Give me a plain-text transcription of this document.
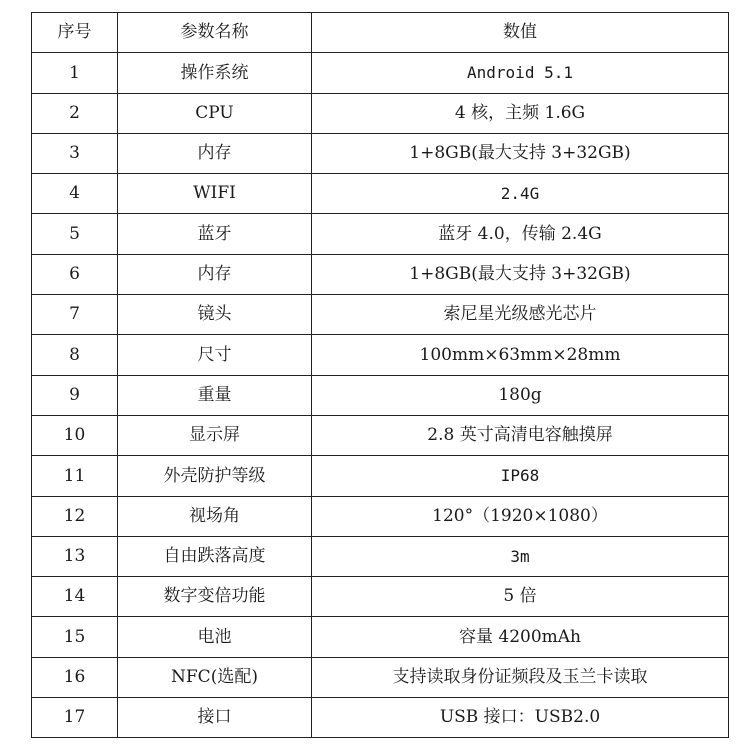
序号	参数名称	数值
1	操作系统	Android 5.1
2	CPU	4 核，主频 1.6G
3	内存	1+8GB(最大支持 3+32GB)
4	WIFI	2.4G
5	蓝牙	蓝牙 4.0，传输 2.4G
6	内存	1+8GB(最大支持 3+32GB)
7	镜头	索尼星光级感光芯片
8	尺寸	100mm×63mm×28mm
9	重量	180g
10	显示屏	2.8 英寸高清电容触摸屏
11	外壳防护等级	IP68
12	视场角	120°（1920×1080）
13	自由跌落高度	3m
14	数字变倍功能	5 倍
15	电池	容量 4200mAh
16	NFC(选配)	支持读取身份证频段及玉兰卡读取
17	接口	USB 接口：USB2.0
